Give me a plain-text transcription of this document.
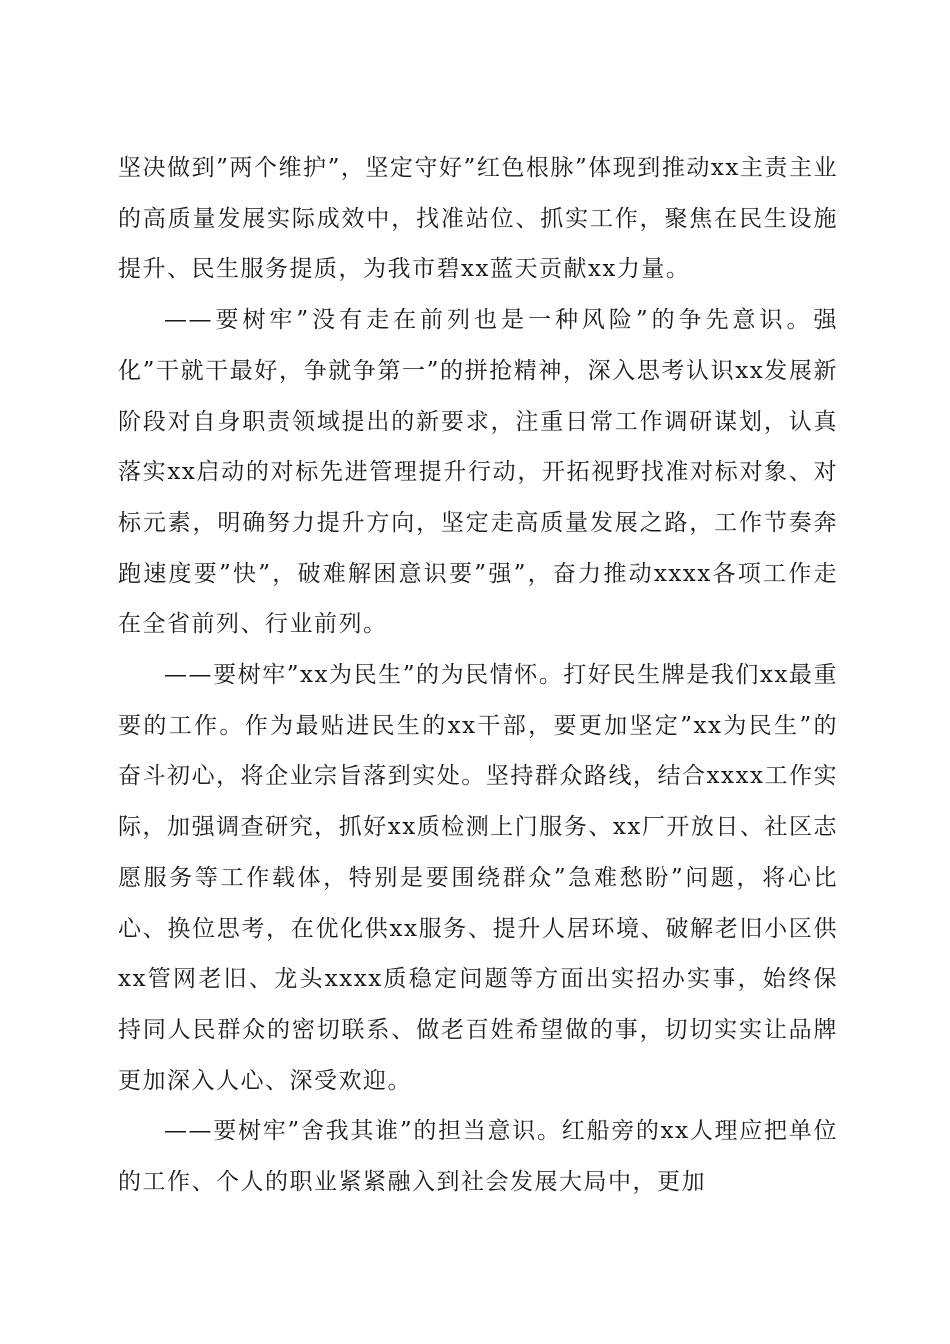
坚决做到”两个维护”，坚定守好”红色根脉”体现到推动xx主责主业的高质量发展实际成效中，找准站位、抓实工作，聚焦在民生设施提升、民生服务提质，为我市碧xx蓝天贡献xx力量。

——要树牢”没有走在前列也是一种风险”的争先意识。强化”干就干最好，争就争第一”的拼抢精神，深入思考认识xx发展新阶段对自身职责领域提出的新要求，注重日常工作调研谋划，认真落实xx启动的对标先进管理提升行动，开拓视野找准对标对象、对标元素，明确努力提升方向，坚定走高质量发展之路，工作节奏奔跑速度要”快”，破难解困意识要”强”，奋力推动xxxx各项工作走在全省前列、行业前列。

——要树牢”xx为民生”的为民情怀。打好民生牌是我们xx最重要的工作。作为最贴进民生的xx干部，要更加坚定”xx为民生”的奋斗初心，将企业宗旨落到实处。坚持群众路线，结合xxxx工作实际，加强调查研究，抓好xx质检测上门服务、xx厂开放日、社区志愿服务等工作载体，特别是要围绕群众”急难愁盼”问题，将心比心、换位思考，在优化供xx服务、提升人居环境、破解老旧小区供xx管网老旧、龙头xxxx质稳定问题等方面出实招办实事，始终保持同人民群众的密切联系、做老百姓希望做的事，切切实实让品牌更加深入人心、深受欢迎。

——要树牢”舍我其谁”的担当意识。红船旁的xx人理应把单位的工作、个人的职业紧紧融入到社会发展大局中，更加
